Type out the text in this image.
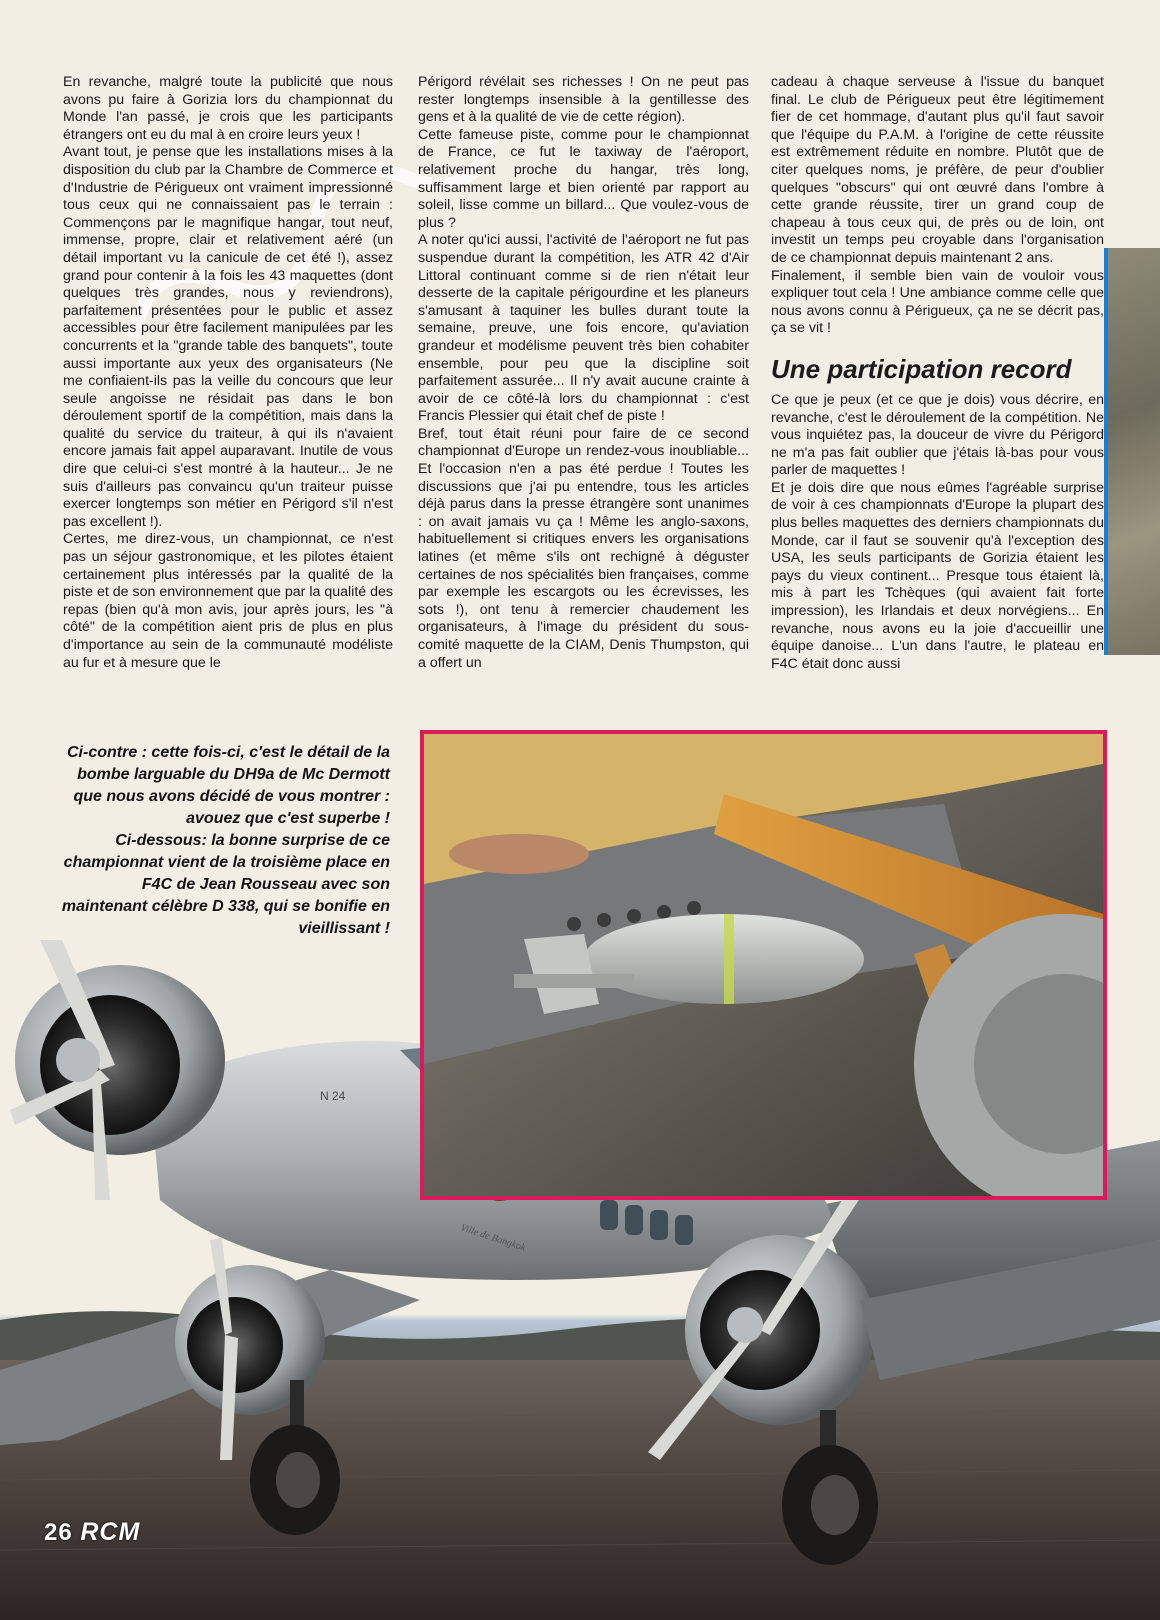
N 24
Ville de Bangkok

En revanche, malgré toute la publicité que nous avons pu faire à Gorizia lors du championnat du Monde l'an passé, je crois que les participants étrangers ont eu du mal à en croire leurs yeux !

Avant tout, je pense que les installations mises à la disposition du club par la Chambre de Commerce et d'Industrie de Périgueux ont vraiment impressionné tous ceux qui ne connaissaient pas le terrain : Commençons par le magnifique hangar, tout neuf, immense, propre, clair et relativement aéré (un détail important vu la canicule de cet été !), assez grand pour contenir à la fois les 43 maquettes (dont quelques très grandes, nous y reviendrons), parfaitement présentées pour le public et assez accessibles pour être facilement manipulées par les concurrents et la "grande table des banquets", toute aussi importante aux yeux des organisateurs (Ne me confiaient-ils pas la veille du concours que leur seule angoisse ne résidait pas dans le bon déroulement sportif de la compétition, mais dans la qualité du service du traiteur, à qui ils n'avaient encore jamais fait appel auparavant. Inutile de vous dire que celui-ci s'est montré à la hauteur... Je ne suis d'ailleurs pas convaincu qu'un traiteur puisse exercer longtemps son métier en Périgord s'il n'est pas excellent !).

Certes, me direz-vous, un championnat, ce n'est pas un séjour gastronomique, et les pilotes étaient certainement plus intéressés par la qualité de la piste et de son environnement que par la qualité des repas (bien qu'à mon avis, jour après jours, les "à côté" de la compétition aient pris de plus en plus d'importance au sein de la communauté modéliste au fur et à mesure que le

Périgord révélait ses richesses ! On ne peut pas rester longtemps insensible à la gentillesse des gens et à la qualité de vie de cette région).

Cette fameuse piste, comme pour le championnat de France, ce fut le taxiway de l'aéroport, relativement proche du hangar, très long, suffisamment large et bien orienté par rapport au soleil, lisse comme un billard... Que voulez-vous de plus ?

A noter qu'ici aussi, l'activité de l'aéroport ne fut pas suspendue durant la compétition, les ATR 42 d'Air Littoral continuant comme si de rien n'était leur desserte de la capitale périgourdine et les planeurs s'amusant à taquiner les bulles durant toute la semaine, preuve, une fois encore, qu'aviation grandeur et modélisme peuvent très bien cohabiter ensemble, pour peu que la discipline soit parfaitement assurée... Il n'y avait aucune crainte à avoir de ce côté-là lors du championnat : c'est Francis Plessier qui était chef de piste !

Bref, tout était réuni pour faire de ce second championnat d'Europe un rendez-vous inoubliable... Et l'occasion n'en a pas été perdue ! Toutes les discussions que j'ai pu entendre, tous les articles déjà parus dans la presse étrangère sont unanimes : on avait jamais vu ça ! Même les anglo-saxons, habituellement si critiques envers les organisations latines (et même s'ils ont rechigné à déguster certaines de nos spécialités bien françaises, comme par exemple les escargots ou les écrevisses, les sots !), ont tenu à remercier chaudement les organisateurs, à l'image du président du sous-comité maquette de la CIAM, Denis Thumpston, qui a offert un

cadeau à chaque serveuse à l'issue du banquet final. Le club de Périgueux peut être légitimement fier de cet hommage, d'autant plus qu'il faut savoir que l'équipe du P.A.M. à l'origine de cette réussite est extrêmement réduite en nombre. Plutôt que de citer quelques noms, je préfère, de peur d'oublier quelques "obscurs" qui ont œuvré dans l'ombre à cette grande réussite, tirer un grand coup de chapeau à tous ceux qui, de près ou de loin, ont investit un temps peu croyable dans l'organisation de ce championnat depuis maintenant 2 ans.

Finalement, il semble bien vain de vouloir vous expliquer tout cela ! Une ambiance comme celle que nous avons connu à Périgueux, ça ne se décrit pas, ça se vit !

Une participation record

Ce que je peux (et ce que je dois) vous décrire, en revanche, c'est le déroulement de la compétition. Ne vous inquiétez pas, la douceur de vivre du Périgord ne m'a pas fait oublier que j'étais là-bas pour vous parler de maquettes !

Et je dois dire que nous eûmes l'agréable surprise de voir à ces championnats d'Europe la plupart des plus belles maquettes des derniers championnats du Monde, car il faut se souvenir qu'à l'exception des USA, les seuls participants de Gorizia étaient les pays du vieux continent... Presque tous étaient là, mis à part les Tchèques (qui avaient fait forte impression), les Irlandais et deux norvégiens... En revanche, nous avons eu la joie d'accueillir une équipe danoise... L'un dans l'autre, le plateau en F4C était donc aussi

Ci-contre : cette fois-ci, c'est le détail de la bombe larguable du DH9a de Mc Dermott que nous avons décidé de vous montrer : avouez que c'est superbe !

Ci-dessous: la bonne surprise de ce championnat vient de la troisième place en F4C de Jean Rousseau avec son maintenant célèbre D 338, qui se bonifie en vieillissant !

26 RCM
